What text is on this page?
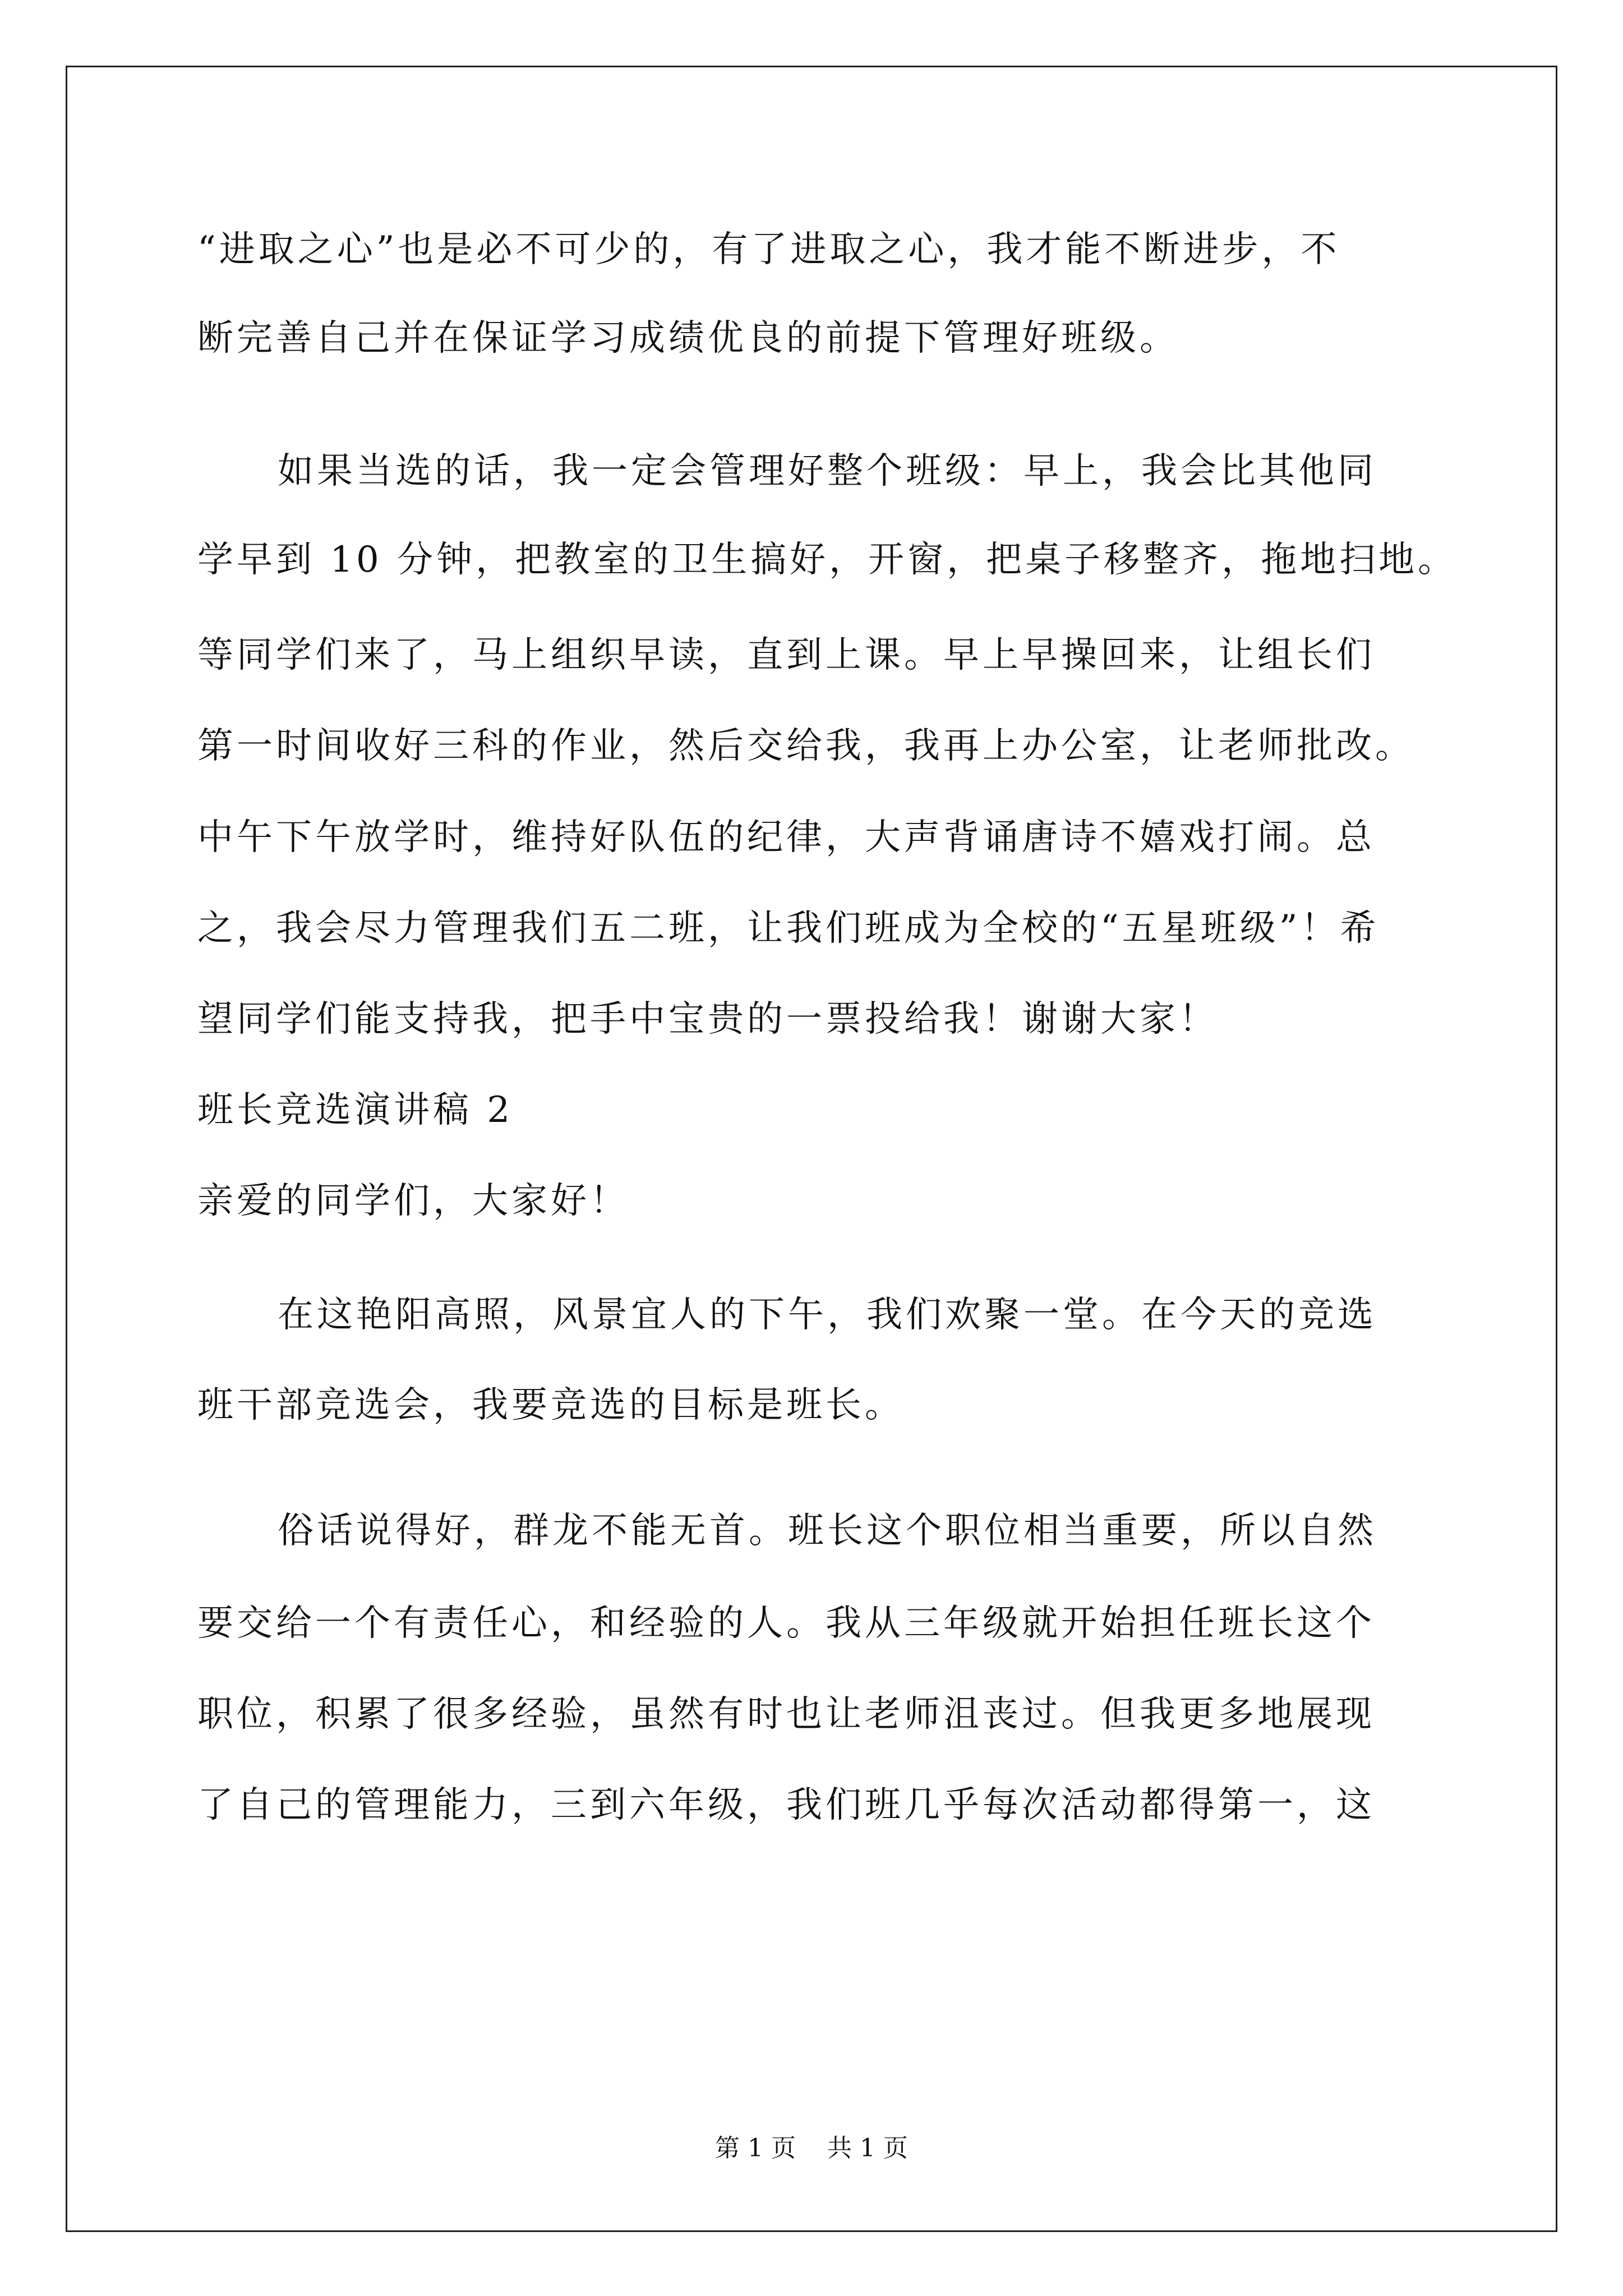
“进取之心”也是必不可少的，有了进取之心，我才能不断进步，不

断完善自己并在保证学习成绩优良的前提下管理好班级。

如果当选的话，我一定会管理好整个班级：早上，我会比其他同

学早到 10 分钟，把教室的卫生搞好，开窗，把桌子移整齐，拖地扫地。

等同学们来了，马上组织早读，直到上课。早上早操回来，让组长们

第一时间收好三科的作业，然后交给我，我再上办公室，让老师批改。

中午下午放学时，维持好队伍的纪律，大声背诵唐诗不嬉戏打闹。总

之，我会尽力管理我们五二班，让我们班成为全校的“五星班级”！希

望同学们能支持我，把手中宝贵的一票投给我！谢谢大家！

班长竞选演讲稿 2

亲爱的同学们，大家好！

在这艳阳高照，风景宜人的下午，我们欢聚一堂。在今天的竞选

班干部竞选会，我要竞选的目标是班长。

俗话说得好，群龙不能无首。班长这个职位相当重要，所以自然

要交给一个有责任心，和经验的人。我从三年级就开始担任班长这个

职位，积累了很多经验，虽然有时也让老师沮丧过。但我更多地展现

了自己的管理能力，三到六年级，我们班几乎每次活动都得第一，这

第 1 页    共 1 页
